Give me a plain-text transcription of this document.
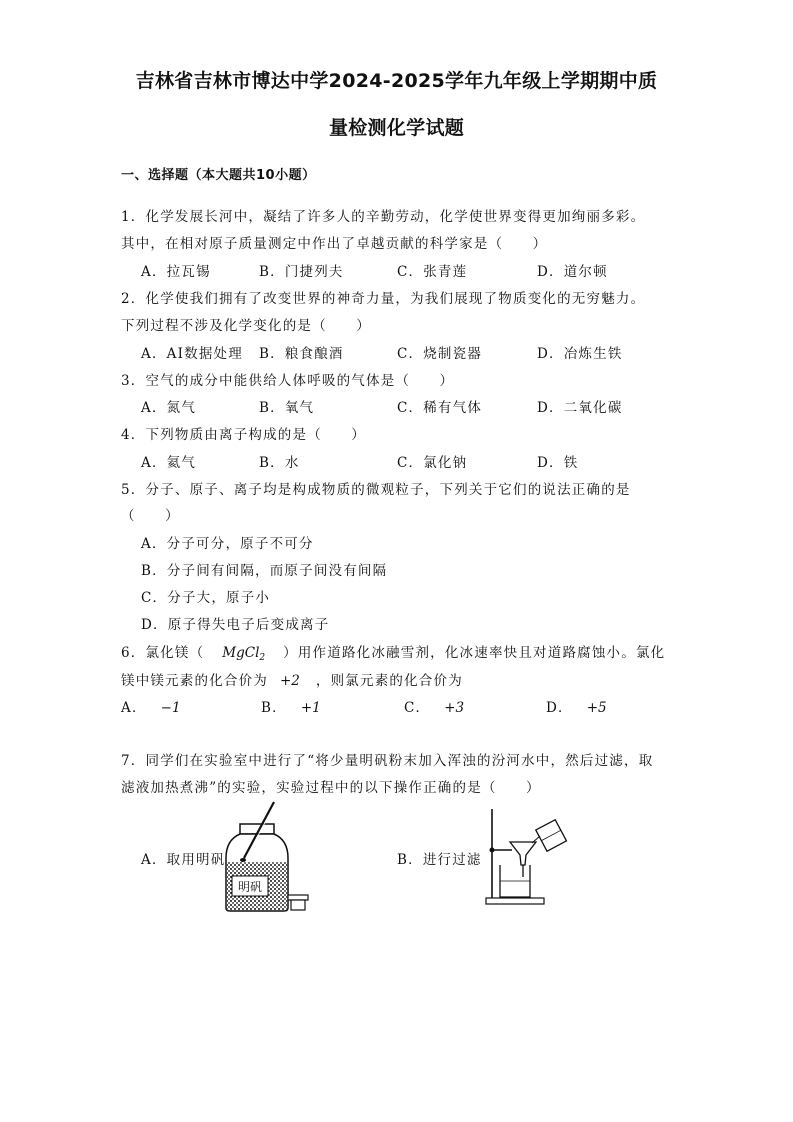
吉林省吉林市博达中学2024-2025学年九年级上学期期中质
量检测化学试题
一、选择题（本大题共10小题）
1．化学发展长河中，凝结了许多人的辛勤劳动，化学使世界变得更加绚丽多彩。
其中，在相对原子质量测定中作出了卓越贡献的科学家是（　　）
A．拉瓦锡	B．门捷列夫	C．张青莲	D．道尔顿
2．化学使我们拥有了改变世界的神奇力量，为我们展现了物质变化的无穷魅力。
下列过程不涉及化学变化的是（　　）
A．AI数据处理 B．粮食酿酒	C．烧制瓷器	D．冶炼生铁
3．空气的成分中能供给人体呼吸的气体是（　　）
A．氮气	B．氧气	C．稀有气体	D．二氧化碳
4．下列物质由离子构成的是（　　）
A．氦气	B．水	C．氯化钠	D．铁
5．分子、原子、离子均是构成物质的微观粒子，下列关于它们的说法正确的是
（　　）
A．分子可分，原子不可分
B．分子间有间隔，而原子间没有间隔
C．分子大，原子小
D．原子得失电子后变成离子
6．氯化镁（ MgCl$_2$ ）用作道路化冰融雪剂，化冰速率快且对道路腐蚀小。氯化
镁中镁元素的化合价为 +2 ，则氯元素的化合价为
A． −1	B． +1	C． +3	D． +5
7．同学们在实验室中进行了“将少量明矾粉末加入浑浊的汾河水中，然后过滤，取
滤液加热煮沸”的实验，实验过程中的以下操作正确的是（　　）
A．取用明矾	B．进行过滤
明矾
